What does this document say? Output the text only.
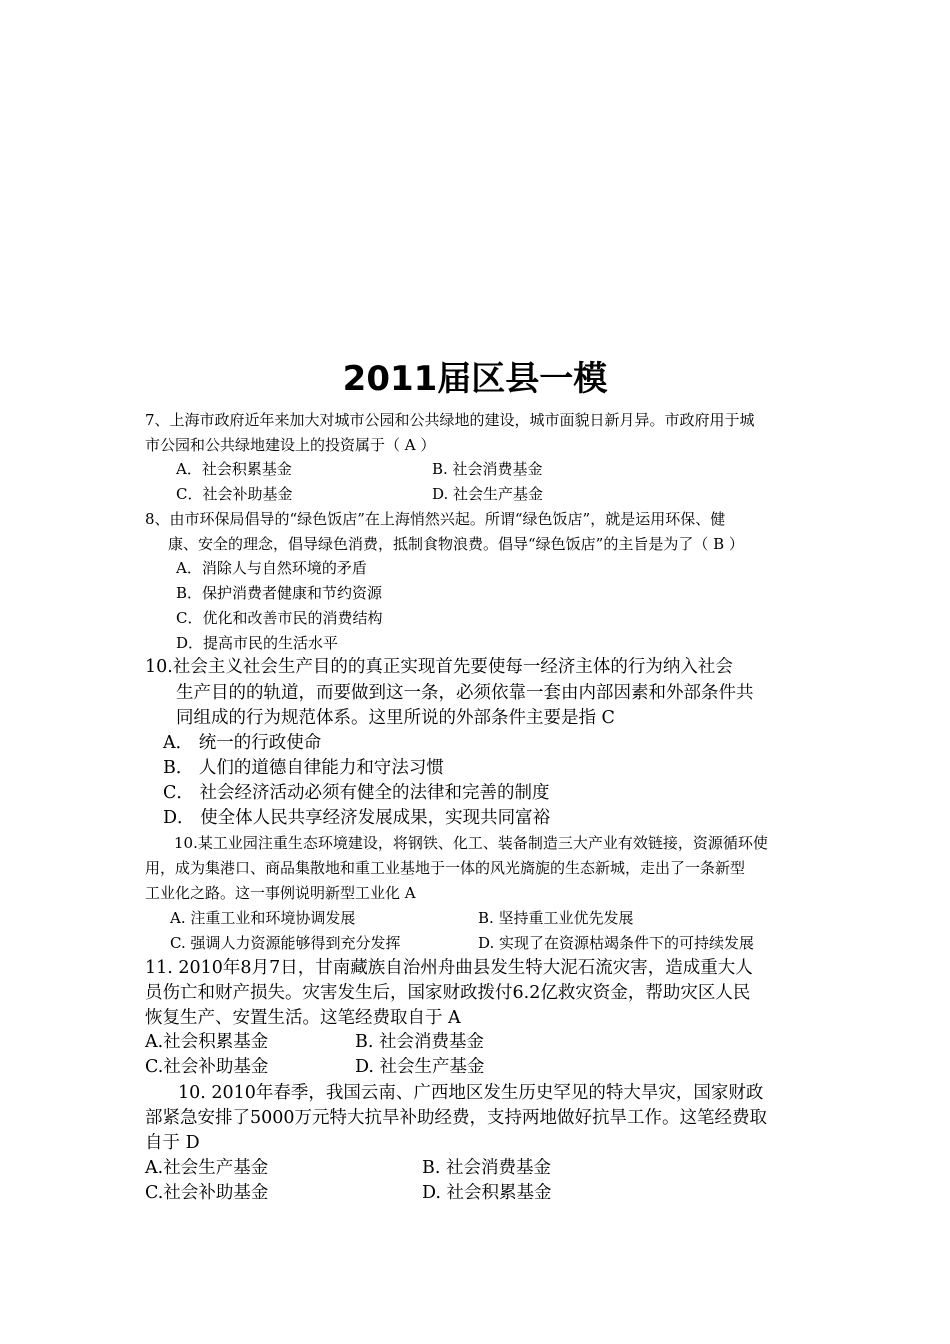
2011届区县一模
7、上海市政府近年来加大对城市公园和公共绿地的建设，城市面貌日新月异。市政府用于城
市公园和公共绿地建设上的投资属于（ A ）
A．社会积累基金	B. 社会消费基金
C．社会补助基金	D. 社会生产基金
8、由市环保局倡导的“绿色饭店”在上海悄然兴起。所谓“绿色饭店”，就是运用环保、健
康、安全的理念，倡导绿色消费，抵制食物浪费。倡导“绿色饭店”的主旨是为了（ B ）
A．消除人与自然环境的矛盾
B．保护消费者健康和节约资源
C．优化和改善市民的消费结构
D．提高市民的生活水平
10.社会主义社会生产目的的真正实现首先要使每一经济主体的行为纳入社会
生产目的的轨道，而要做到这一条，必须依靠一套由内部因素和外部条件共
同组成的行为规范体系。这里所说的外部条件主要是指 C
A． 统一的行政使命
B． 人们的道德自律能力和守法习惯
C． 社会经济活动必须有健全的法律和完善的制度
D． 使全体人民共享经济发展成果，实现共同富裕
10.某工业园注重生态环境建设，将钢铁、化工、装备制造三大产业有效链接，资源循环使
用，成为集港口、商品集散地和重工业基地于一体的风光旖旎的生态新城，走出了一条新型
工业化之路。这一事例说明新型工业化 A
A. 注重工业和环境协调发展	B. 坚持重工业优先发展
C. 强调人力资源能够得到充分发挥	D. 实现了在资源枯竭条件下的可持续发展
11. 2010年8月7日，甘南藏族自治州舟曲县发生特大泥石流灾害，造成重大人
员伤亡和财产损失。灾害发生后，国家财政拨付6.2亿救灾资金，帮助灾区人民
恢复生产、安置生活。这笔经费取自于 A
A.社会积累基金	B. 社会消费基金
C.社会补助基金	D. 社会生产基金
10. 2010年春季，我国云南、广西地区发生历史罕见的特大旱灾，国家财政
部紧急安排了5000万元特大抗旱补助经费，支持两地做好抗旱工作。这笔经费取
自于 D
A.社会生产基金	B. 社会消费基金
C.社会补助基金	D. 社会积累基金
